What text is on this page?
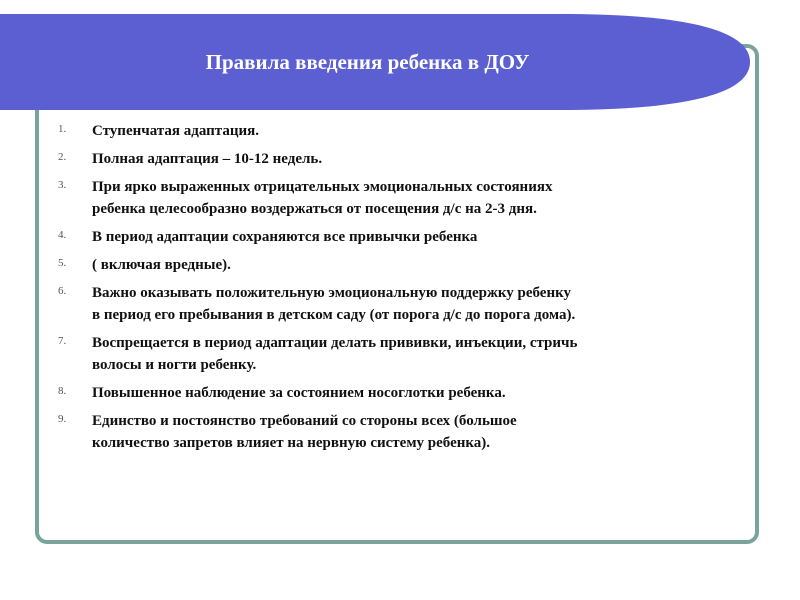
Правила введения ребенка в ДОУ
1. Ступенчатая адаптация.
2. Полная адаптация – 10-12 недель.
3. При ярко выраженных отрицательных эмоциональных состояниях
ребенка целесообразно воздержаться от посещения д/с на 2-3 дня.
4. В период адаптации сохраняются все привычки ребенка
5. ( включая вредные).
6. Важно оказывать положительную эмоциональную поддержку ребенку
в период его пребывания в детском саду (от порога д/с до порога дома).
7. Воспрещается в период адаптации делать прививки, инъекции, стричь
волосы и ногти ребенку.
8. Повышенное наблюдение за состоянием носоглотки ребенка.
9. Единство и постоянство требований со стороны всех (большое
количество запретов влияет на нервную систему ребенка).
